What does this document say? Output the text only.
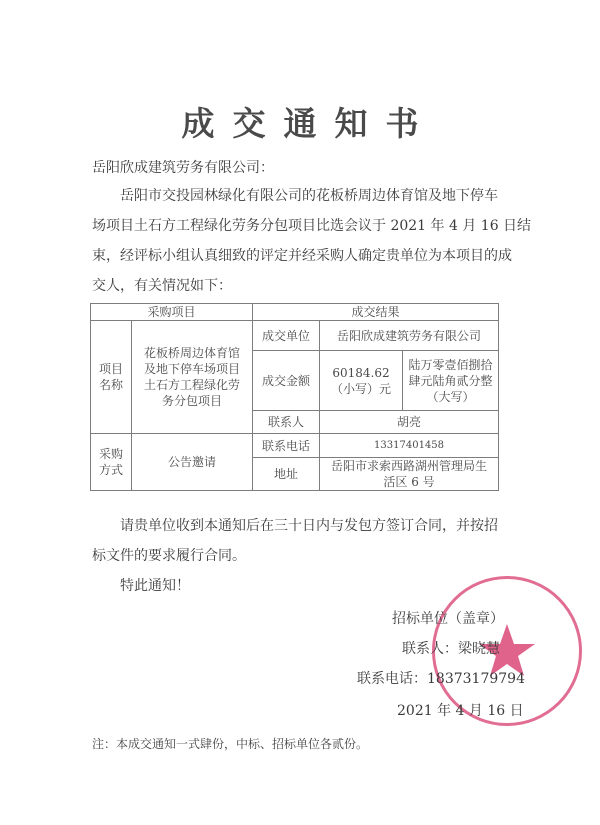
成交通知书
岳阳欣成建筑劳务有限公司：
岳阳市交投园林绿化有限公司的花板桥周边体育馆及地下停车
场项目土石方工程绿化劳务分包项目比选会议于 2021 年 4 月 16 日结
束，经评标小组认真细致的评定并经采购人确定贵单位为本项目的成
交人，有关情况如下：
采购项目		成交结果		
项目名称	花板桥周边体育馆及地下停车场项目土石方工程绿化劳务分包项目	成交单位	岳阳欣成建筑劳务有限公司	
		成交金额	60184.62（小写）元	陆万零壹佰捌拾肆元陆角贰分整（大写）
		联系人	胡亮	
采购方式	公告邀请	联系电话	13317401458	
		地址	岳阳市求索西路湖州管理局生活区 6 号	
请贵单位收到本通知后在三十日内与发包方签订合同，并按招
标文件的要求履行合同。
特此通知！
招标单位（盖章）
联系人：梁晓慧
联系电话：18373179794
2021 年 4 月 16 日
注：本成交通知一式肆份，中标、招标单位各贰份。
